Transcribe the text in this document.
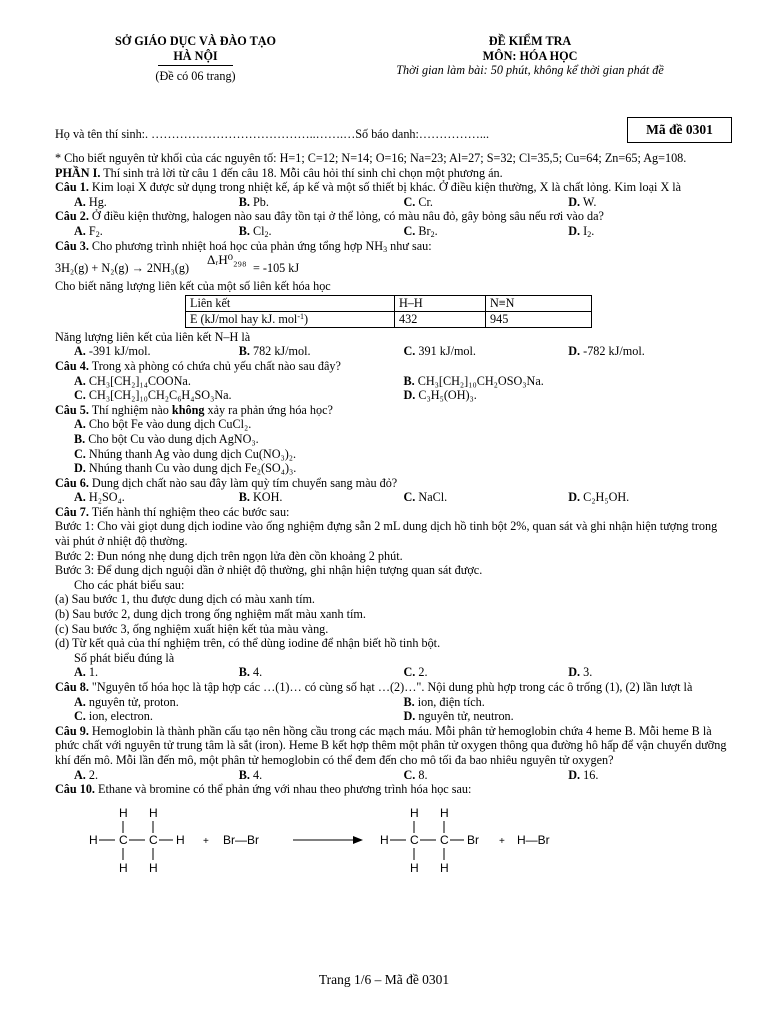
SỞ GIÁO DỤC VÀ ĐÀO TẠO
HÀ NỘI
(Đề có 06 trang)
ĐỀ KIỂM TRA
MÔN: HÓA HỌC
Thời gian làm bài: 50 phút, không kể thời gian phát đề
Họ và tên thí sinh:. …………………………………..…….…Số báo danh:……………...	Mã đề 0301

* Cho biết nguyên tử khối của các nguyên tố: H=1; C=12; N=14; O=16; Na=23; Al=27; S=32; Cl=35,5; Cu=64; Zn=65; Ag=108.

PHẦN I. Thí sinh trả lời từ câu 1 đến câu 18. Mỗi câu hỏi thí sinh chỉ chọn một phương án.

Câu 1. Kim loại X được sử dụng trong nhiệt kế, áp kế và một số thiết bị khác. Ở điều kiện thường, X là chất lỏng. Kim loại X là

A. Hg.	B. Pb.	C. Cr.	D. W.

Câu 2. Ở điều kiện thường, halogen nào sau đây tồn tại ở thể lỏng, có màu nâu đỏ, gây bỏng sâu nếu rơi vào da?

A. $F_2$.	B. $Cl_2$.	C. $Br_2$.	D. $I_2$.

Câu 3. Cho phương trình nhiệt hoá học của phản ứng tổng hợp $NH_3$ như sau:

3H₂(g) + N₂(g) → 2NH₃(g)
ΔᵣH⁰₂₉₈
= -105 kJ

Cho biết năng lượng liên kết của một số liên kết hóa học

Liên kết	H–H	N≡N
E (kJ/mol hay kJ. mol$^{-1}$)	432	945

Năng lượng liên kết của liên kết N–H là

A. -391 kJ/mol.	B. 782 kJ/mol.	C. 391 kJ/mol.	D. -782 kJ/mol.

Câu 4. Trong xà phòng có chứa chủ yếu chất nào sau đây?

A. CH₃[CH₂]₁₄COONa.	B. CH₃[CH₂]₁₀CH₂OSO₃Na.
C. CH₃[CH₂]₁₀CH₂C₆H₄SO₃Na.	D. C₃H₅(OH)₃.

Câu 5. Thí nghiệm nào không xảy ra phản ứng hóa học?

A. Cho bột Fe vào dung dịch CuCl₂.
B. Cho bột Cu vào dung dịch AgNO₃.
C. Nhúng thanh Ag vào dung dịch Cu(NO₃)₂.
D. Nhúng thanh Cu vào dung dịch Fe₂(SO₄)₃.

Câu 6. Dung dịch chất nào sau đây làm quỳ tím chuyển sang màu đỏ?

A. H₂SO₄.	B. KOH.	C. NaCl.	D. C₂H₅OH.

Câu 7. Tiến hành thí nghiệm theo các bước sau:

Bước 1: Cho vài giọt dung dịch iodine vào ống nghiệm đựng sẵn 2 mL dung dịch hồ tinh bột 2%, quan sát và ghi nhận hiện tượng trong vài phút ở nhiệt độ thường.

Bước 2: Đun nóng nhẹ dung dịch trên ngọn lửa đèn cồn khoảng 2 phút.

Bước 3: Để dung dịch nguội dần ở nhiệt độ thường, ghi nhận hiện tượng quan sát được.

Cho các phát biểu sau:

(a) Sau bước 1, thu được dung dịch có màu xanh tím.

(b) Sau bước 2, dung dịch trong ống nghiệm mất màu xanh tím.

(c) Sau bước 3, ống nghiệm xuất hiện kết tủa màu vàng.

(d) Từ kết quả của thí nghiệm trên, có thể dùng iodine để nhận biết hồ tinh bột.

Số phát biểu đúng là

A. 1.	B. 4.	C. 2.	D. 3.

Câu 8. "Nguyên tố hóa học là tập hợp các …(1)… có cùng số hạt …(2)…". Nội dung phù hợp trong các ô trống (1), (2) lần lượt là

A. nguyên tử, proton.	B. ion, điện tích.
C. ion, electron.	D. nguyên tử, neutron.

Câu 9. Hemoglobin là thành phần cấu tạo nên hồng cầu trong các mạch máu. Mỗi phân tử hemoglobin chứa 4 heme B. Mỗi heme B là phức chất với nguyên tử trung tâm là sắt (iron). Heme B kết hợp thêm một phân tử oxygen thông qua đường hô hấp để vận chuyển dưỡng khí đến mô. Mỗi lần đến mô, một phân tử hemoglobin có thể đem đến cho mô tối đa bao nhiêu nguyên tử oxygen?

A. 2.	B. 4.	C. 8.	D. 16.

Câu 10. Ethane và bromine có thể phản ứng với nhau theo phương trình hóa học sau:

H H
H C C H
H H
+ Br—Br
H H
H C C Br
H H
+ H—Br
Trang 1/6 – Mã đề 0301
